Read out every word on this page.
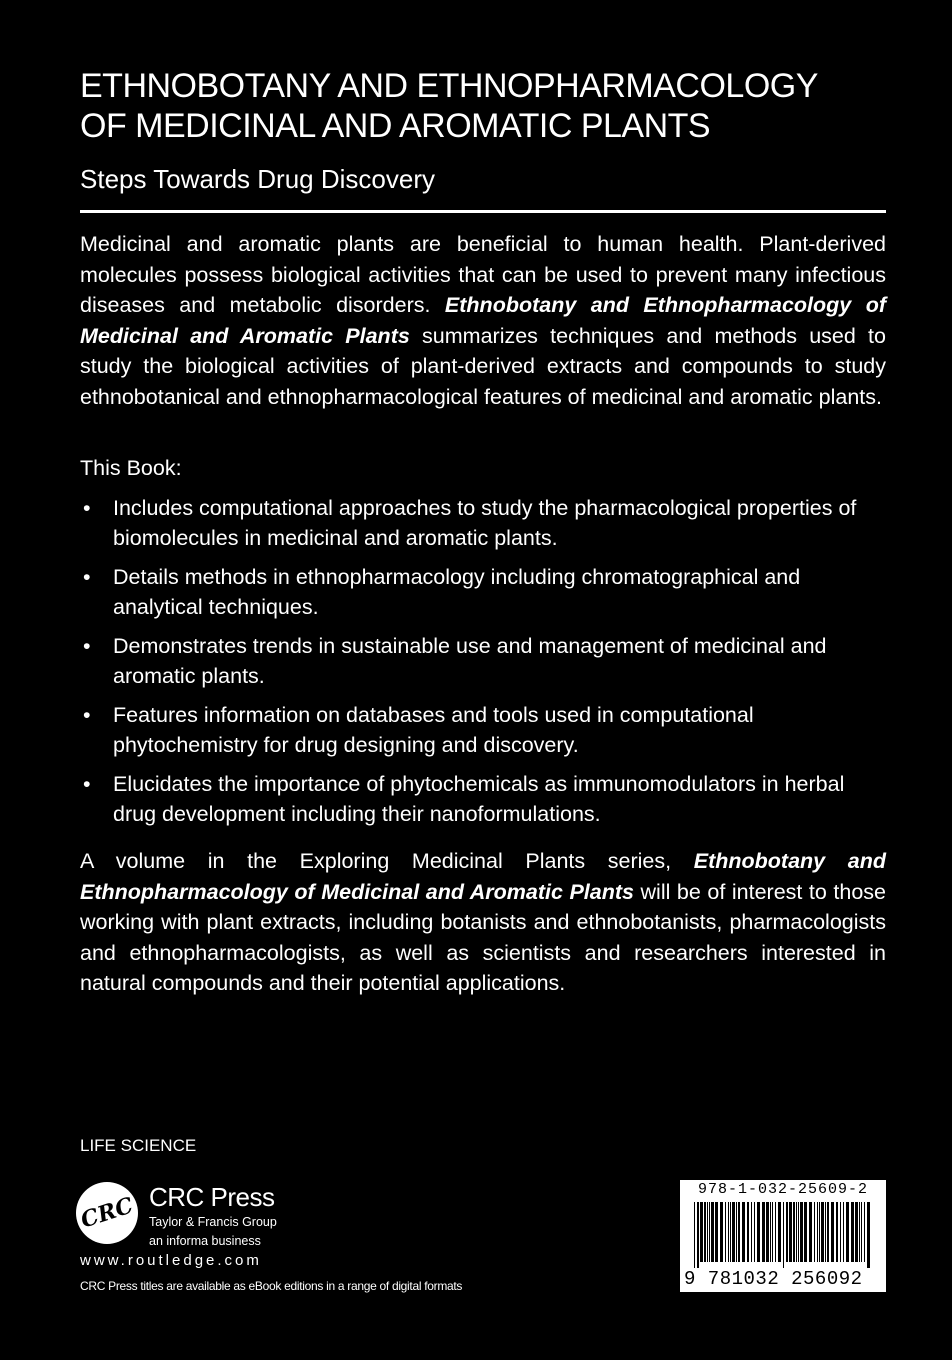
ETHNOBOTANY AND ETHNOPHARMACOLOGY
OF MEDICINAL AND AROMATIC PLANTS
Steps Towards Drug Discovery

Medicinal and aromatic plants are beneficial to human health. Plant-derived molecules possess biological activities that can be used to prevent many infectious diseases and metabolic disorders. Ethnobotany and Ethnopharmacology of Medicinal and Aromatic Plants summarizes techniques and methods used to study the biological activities of plant-derived extracts and compounds to study ethnobotanical and ethnopharmacological features of medicinal and aromatic plants.

This Book:

• Includes computational approaches to study the pharmacological properties of biomolecules in medicinal and aromatic plants.
• Details methods in ethnopharmacology including chromatographical and analytical techniques.
• Demonstrates trends in sustainable use and management of medicinal and aromatic plants.
• Features information on databases and tools used in computational phytochemistry for drug designing and discovery.
• Elucidates the importance of phytochemicals as immunomodulators in herbal drug development including their nanoformulations.

A volume in the Exploring Medicinal Plants series, Ethnobotany and Ethnopharmacology of Medicinal and Aromatic Plants will be of interest to those working with plant extracts, including botanists and ethnobotanists, pharmacologists and ethnopharmacologists, as well as scientists and researchers interested in natural compounds and their potential applications.

LIFE SCIENCE

CRC CRC Press
Taylor & Francis Group
an informa business
www.routledge.com
CRC Press titles are available as eBook editions in a range of digital formats
978-1-032-25609-2
9 781032 256092
